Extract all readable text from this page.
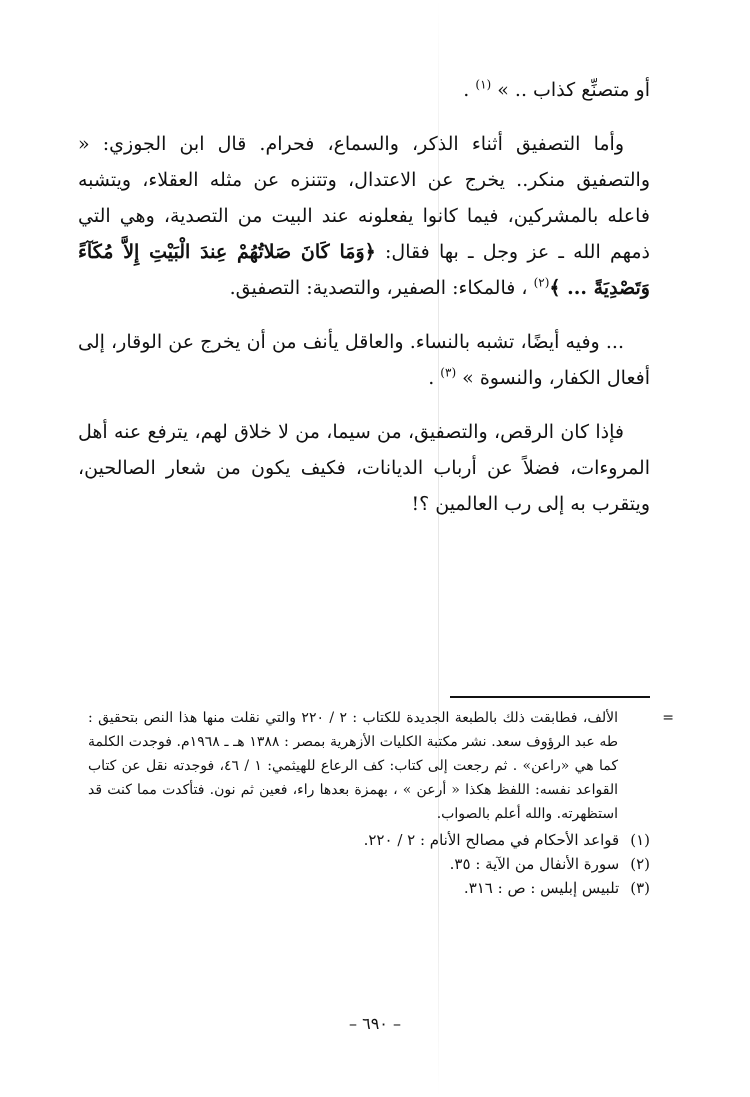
أو متصنِّع كذاب .. » $^{(١)}$ .

وأما التصفيق أثناء الذكر، والسماع، فحرام. قال ابن الجوزي: « والتصفيق منكر.. يخرج عن الاعتدال، وتتنزه عن مثله العقلاء، ويتشبه فاعله بالمشركين، فيما كانوا يفعلونه عند البيت من التصدية، وهي التي ذمهم الله ـ عز وجل ـ بها فقال: ﴿وَمَا كَانَ صَلاتُهُمْ عِندَ الْبَيْتِ إِلاَّ مُكَآءً وَتَصْدِيَةً ... ﴾$^{(٢)}$ ، فالمكاء: الصفير، والتصدية: التصفيق.

... وفيه أيضًا، تشبه بالنساء. والعاقل يأنف من أن يخرج عن الوقار، إلى أفعال الكفار، والنسوة » $^{(٣)}$ .

فإذا كان الرقص، والتصفيق، من سيما، من لا خلاق لهم، يترفع عنه أهل المروءات، فضلاً عن أرباب الديانات، فكيف يكون من شعار الصالحين، ويتقرب به إلى رب العالمين ؟!

=
الألف، فطابقت ذلك بالطبعة الجديدة للكتاب : ٢ / ٢٢٠ والتي نقلت منها هذا النص بتحقيق : طه عبد الرؤوف سعد. نشر مكتبة الكليات الأزهرية بمصر : ١٣٨٨ هـ ـ ١٩٦٨م. فوجدت الكلمة كما هي «راعن» . ثم رجعت إلى كتاب: كف الرعاع للهيثمي: ١ / ٤٦، فوجدته نقل عن كتاب القواعد نفسه: اللفظ هكذا « أرعن » ، بهمزة بعدها راء، فعين ثم نون. فتأكدت مما كنت قد استظهرته. والله أعلم بالصواب.

(١) قواعد الأحكام في مصالح الأنام : ٢ / ٢٢٠.

(٢) سورة الأنفال من الآية : ٣٥.

(٣) تلبيس إبليس : ص : ٣١٦.

– ٦٩٠ –
